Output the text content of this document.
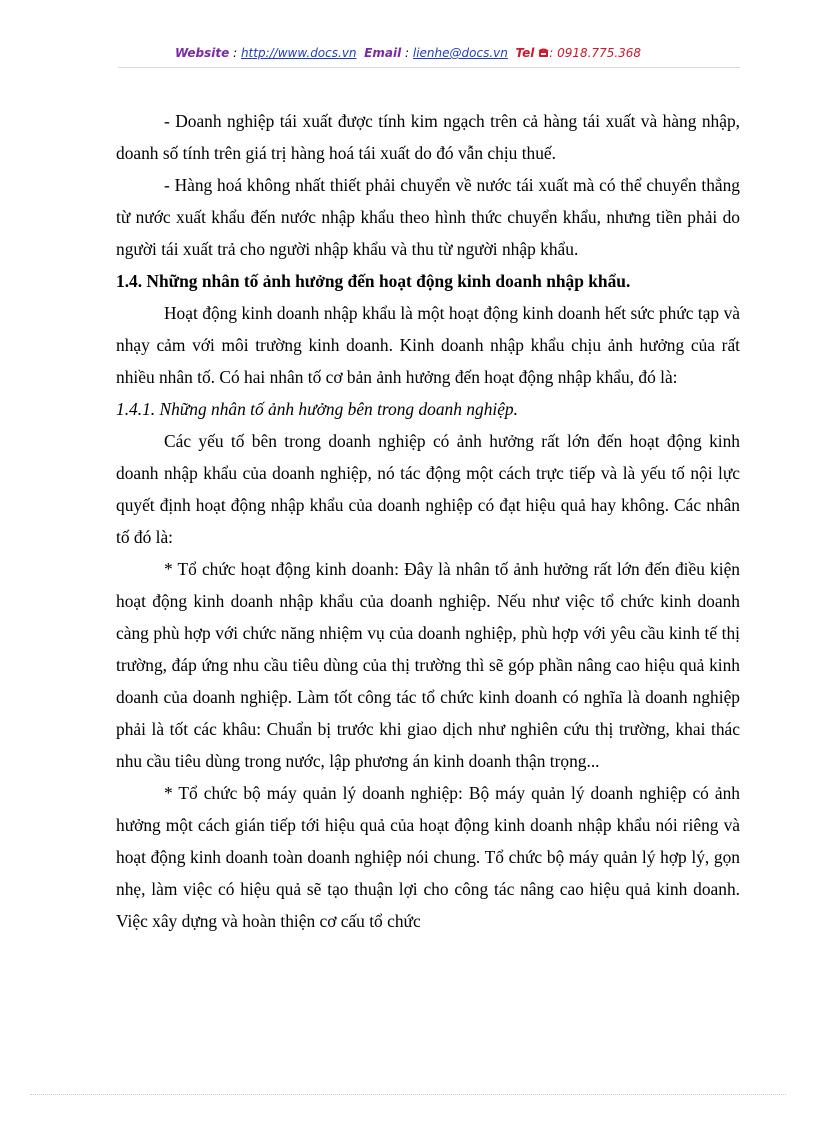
Website : http://www.docs.vn Email : lienhe@docs.vn Tel : 0918.775.368

- Doanh nghiệp tái xuất được tính kim ngạch trên cả hàng tái xuất và hàng nhập, doanh số tính trên giá trị hàng hoá tái xuất do đó vẫn chịu thuế.

- Hàng hoá không nhất thiết phải chuyển về nước tái xuất mà có thể chuyển thẳng từ nước xuất khẩu đến nước nhập khẩu theo hình thức chuyển khẩu, nhưng tiền phải do người tái xuất trả cho người nhập khẩu và thu từ người nhập khẩu.

1.4. Những nhân tố ảnh hưởng đến hoạt động kinh doanh nhập khẩu.

Hoạt động kinh doanh nhập khẩu là một hoạt động kinh doanh hết sức phức tạp và nhạy cảm với môi trường kinh doanh. Kinh doanh nhập khẩu chịu ảnh hưởng của rất nhiều nhân tố. Có hai nhân tố cơ bản ảnh hưởng đến hoạt động nhập khẩu, đó là:

1.4.1. Những nhân tố ảnh hưởng bên trong doanh nghiệp.

Các yếu tố bên trong doanh nghiệp có ảnh hưởng rất lớn đến hoạt động kinh doanh nhập khẩu của doanh nghiệp, nó tác động một cách trực tiếp và là yếu tố nội lực quyết định hoạt động nhập khẩu của doanh nghiệp có đạt hiệu quả hay không. Các nhân tố đó là:

* Tổ chức hoạt động kinh doanh: Đây là nhân tố ảnh hưởng rất lớn đến điều kiện hoạt động kinh doanh nhập khẩu của doanh nghiệp. Nếu như việc tổ chức kinh doanh càng phù hợp với chức năng nhiệm vụ của doanh nghiệp, phù hợp với yêu cầu kinh tế thị trường, đáp ứng nhu cầu tiêu dùng của thị trường thì sẽ góp phần nâng cao hiệu quả kinh doanh của doanh nghiệp. Làm tốt công tác tổ chức kinh doanh có nghĩa là doanh nghiệp phải là tốt các khâu: Chuẩn bị trước khi giao dịch như nghiên cứu thị trường, khai thác nhu cầu tiêu dùng trong nước, lập phương án kinh doanh thận trọng...

* Tổ chức bộ máy quản lý doanh nghiệp: Bộ máy quản lý doanh nghiệp có ảnh hưởng một cách gián tiếp tới hiệu quả của hoạt động kinh doanh nhập khẩu nói riêng và hoạt động kinh doanh toàn doanh nghiệp nói chung. Tổ chức bộ máy quản lý hợp lý, gọn nhẹ, làm việc có hiệu quả sẽ tạo thuận lợi cho công tác nâng cao hiệu quả kinh doanh. Việc xây dựng và hoàn thiện cơ cấu tổ chức
